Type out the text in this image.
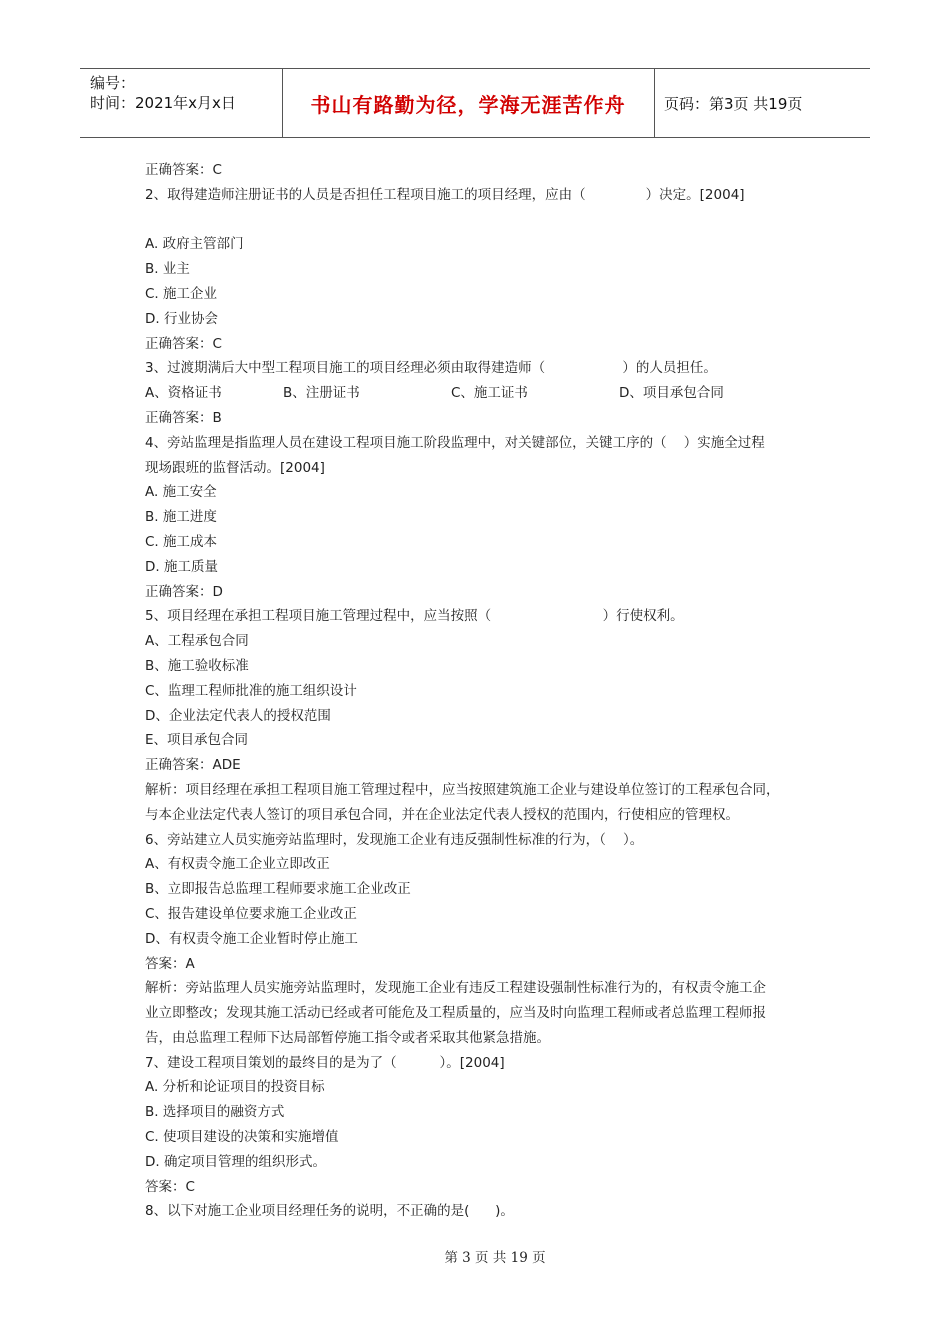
编号：
时间：2021年x月x日	书山有路勤为径，学海无涯苦作舟	页码：第3页 共19页
正确答案：C
2、取得建造师注册证书的人员是否担任工程项目施工的项目经理，应由（              ）决定。[2004]
A. 政府主管部门
B. 业主
C. 施工企业
D. 行业协会
正确答案：C
3、过渡期满后大中型工程项目施工的项目经理必须由取得建造师（                  ）的人员担任。
A、资格证书	B、注册证书	C、施工证书	D、项目承包合同
正确答案：B
4、旁站监理是指监理人员在建设工程项目施工阶段监理中，对关键部位，关键工序的（    ）实施全过程
现场跟班的监督活动。[2004]
A. 施工安全
B. 施工进度
C. 施工成本
D. 施工质量
正确答案：D
5、项目经理在承担工程项目施工管理过程中，应当按照（                          ）行使权利。
A、工程承包合同
B、施工验收标准
C、监理工程师批准的施工组织设计
D、企业法定代表人的授权范围
E、项目承包合同
正确答案：ADE
解析：项目经理在承担工程项目施工管理过程中，应当按照建筑施工企业与建设单位签订的工程承包合同，
与本企业法定代表人签订的项目承包合同，并在企业法定代表人授权的范围内，行使相应的管理权。
6、旁站建立人员实施旁站监理时，发现施工企业有违反强制性标准的行为，（    ）。
A、有权责令施工企业立即改正
B、立即报告总监理工程师要求施工企业改正
C、报告建设单位要求施工企业改正
D、有权责令施工企业暂时停止施工
答案：A
解析：旁站监理人员实施旁站监理时，发现施工企业有违反工程建设强制性标准行为的，有权责令施工企
业立即整改；发现其施工活动已经或者可能危及工程质量的，应当及时向监理工程师或者总监理工程师报
告，由总监理工程师下达局部暂停施工指令或者采取其他紧急措施。
7、建设工程项目策划的最终目的是为了（          ）。[2004]
A. 分析和论证项目的投资目标
B. 选择项目的融资方式
C. 使项目建设的决策和实施增值
D. 确定项目管理的组织形式。
答案：C
8、以下对施工企业项目经理任务的说明，不正确的是(      )。
第 3 页 共 19 页
